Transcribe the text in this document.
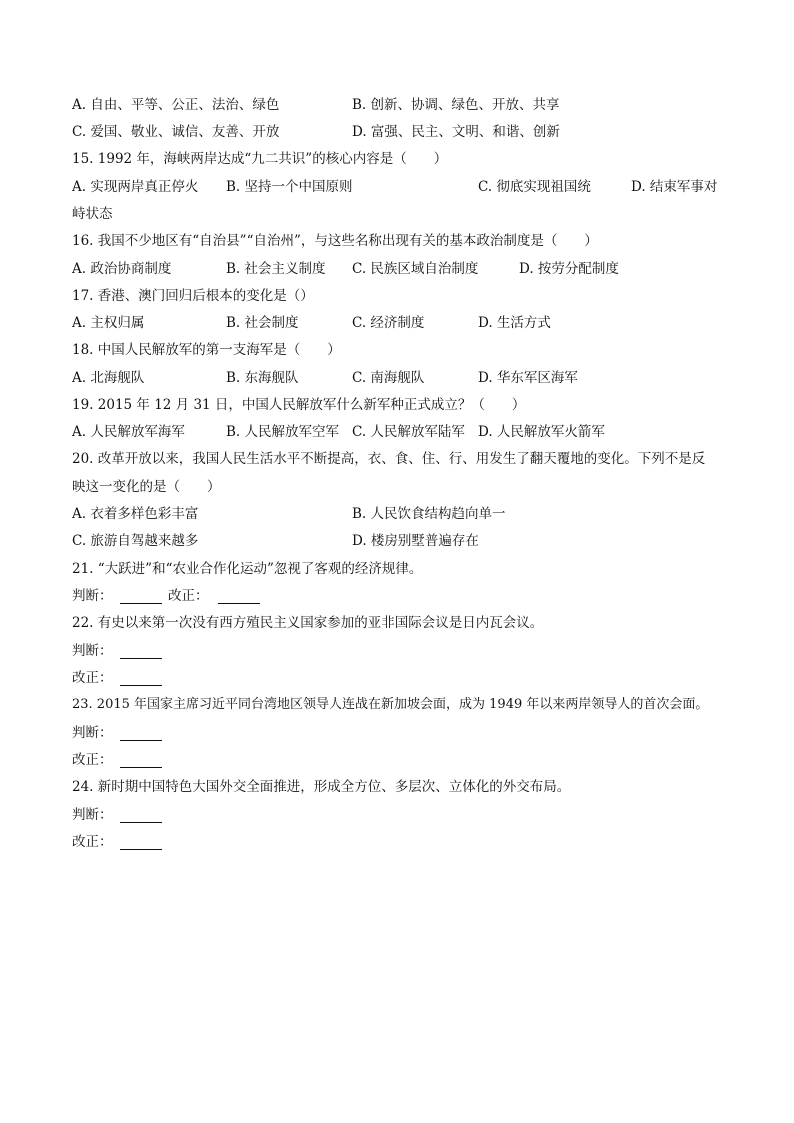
A. 自由、平等、公正、法治、绿色	B. 创新、协调、绿色、开放、共享
C. 爱国、敬业、诚信、友善、开放	D. 富强、民主、文明、和谐、创新
15. 1992 年，海峡两岸达成“九二共识”的核心内容是（　　）
A. 实现两岸真正停火 B. 坚持一个中国原则	C. 彻底实现祖国统	D. 结束军事对
峙状态
16. 我国不少地区有“自治县”“自治州”，与这些名称出现有关的基本政治制度是（　　）
A. 政治协商制度	B. 社会主义制度 C. 民族区域自治制度	D. 按劳分配制度
17. 香港、澳门回归后根本的变化是（）
A. 主权归属	B. 社会制度	C. 经济制度	D. 生活方式
18. 中国人民解放军的第一支海军是（　　）
A. 北海舰队	B. 东海舰队	C. 南海舰队	D. 华东军区海军
19. 2015 年 12 月 31 日，中国人民解放军什么新军种正式成立？（　　）
A. 人民解放军海军	B. 人民解放军空军 C. 人民解放军陆军 D. 人民解放军火箭军
20. 改革开放以来，我国人民生活水平不断提高，衣、食、住、行、用发生了翻天覆地的变化。下列不是反
映这一变化的是（　　）
A. 衣着多样色彩丰富	B. 人民饮食结构趋向单一
C. 旅游自驾越来越多	D. 楼房别墅普遍存在
21. “大跃进”和“农业合作化运动”忽视了客观的经济规律。
判断：	改正：
22. 有史以来第一次没有西方殖民主义国家参加的亚非国际会议是日内瓦会议。
判断：
改正：
23. 2015 年国家主席习近平同台湾地区领导人连战在新加坡会面，成为 1949 年以来两岸领导人的首次会面。
判断：
改正：
24. 新时期中国特色大国外交全面推进，形成全方位、多层次、立体化的外交布局。
判断：
改正：
